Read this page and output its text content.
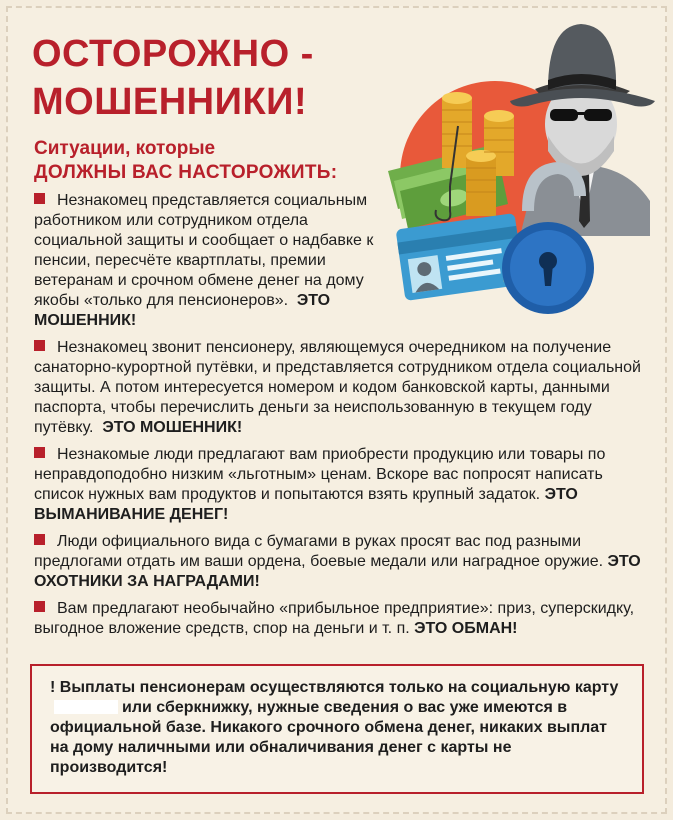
ОСТОРОЖНО -
МОШЕННИКИ!
Ситуации, которые
ДОЛЖНЫ ВАС НАСТОРОЖИТЬ:
Незнакомец представляется социальным работником или сотрудником отдела социальной защиты и сообщает о надбавке к пенсии, пересчёте квартплаты, премии ветеранам и срочном обмене денег на дому якобы «только для пенсионеров». ЭТО МОШЕННИК!
Незнакомец звонит пенсионеру, являющемуся очередником на получение санаторно-курортной путёвки, и представляется сотрудником отдела социальной защиты. А потом интересуется номером и кодом банковской карты, данными паспорта, чтобы перечислить деньги за неиспользованную в текущем году путёвку. ЭТО МОШЕННИК!
Незнакомые люди предлагают вам приобрести продукцию или товары по неправдоподобно низким «льготным» ценам. Вскоре вас попросят написать список нужных вам продуктов и попытаются взять крупный задаток. ЭТО ВЫМАНИВАНИЕ ДЕНЕГ!
Люди официального вида с бумагами в руках просят вас под разными предлогами отдать им ваши ордена, боевые медали или наградное оружие. ЭТО ОХОТНИКИ ЗА НАГРАДАМИ!
Вам предлагают необычайно «прибыльное предприятие»: приз, суперскидку, выгодное вложение средств, спор на деньги и т. п. ЭТО ОБМАН!
! Выплаты пенсионерам осуществляются только на социальную картуили сберкнижку, нужные сведения о вас уже имеются в официальной базе. Никакого срочного обмена денег, никаких выплат на дому наличными или обналичивания денег с карты не производится!
